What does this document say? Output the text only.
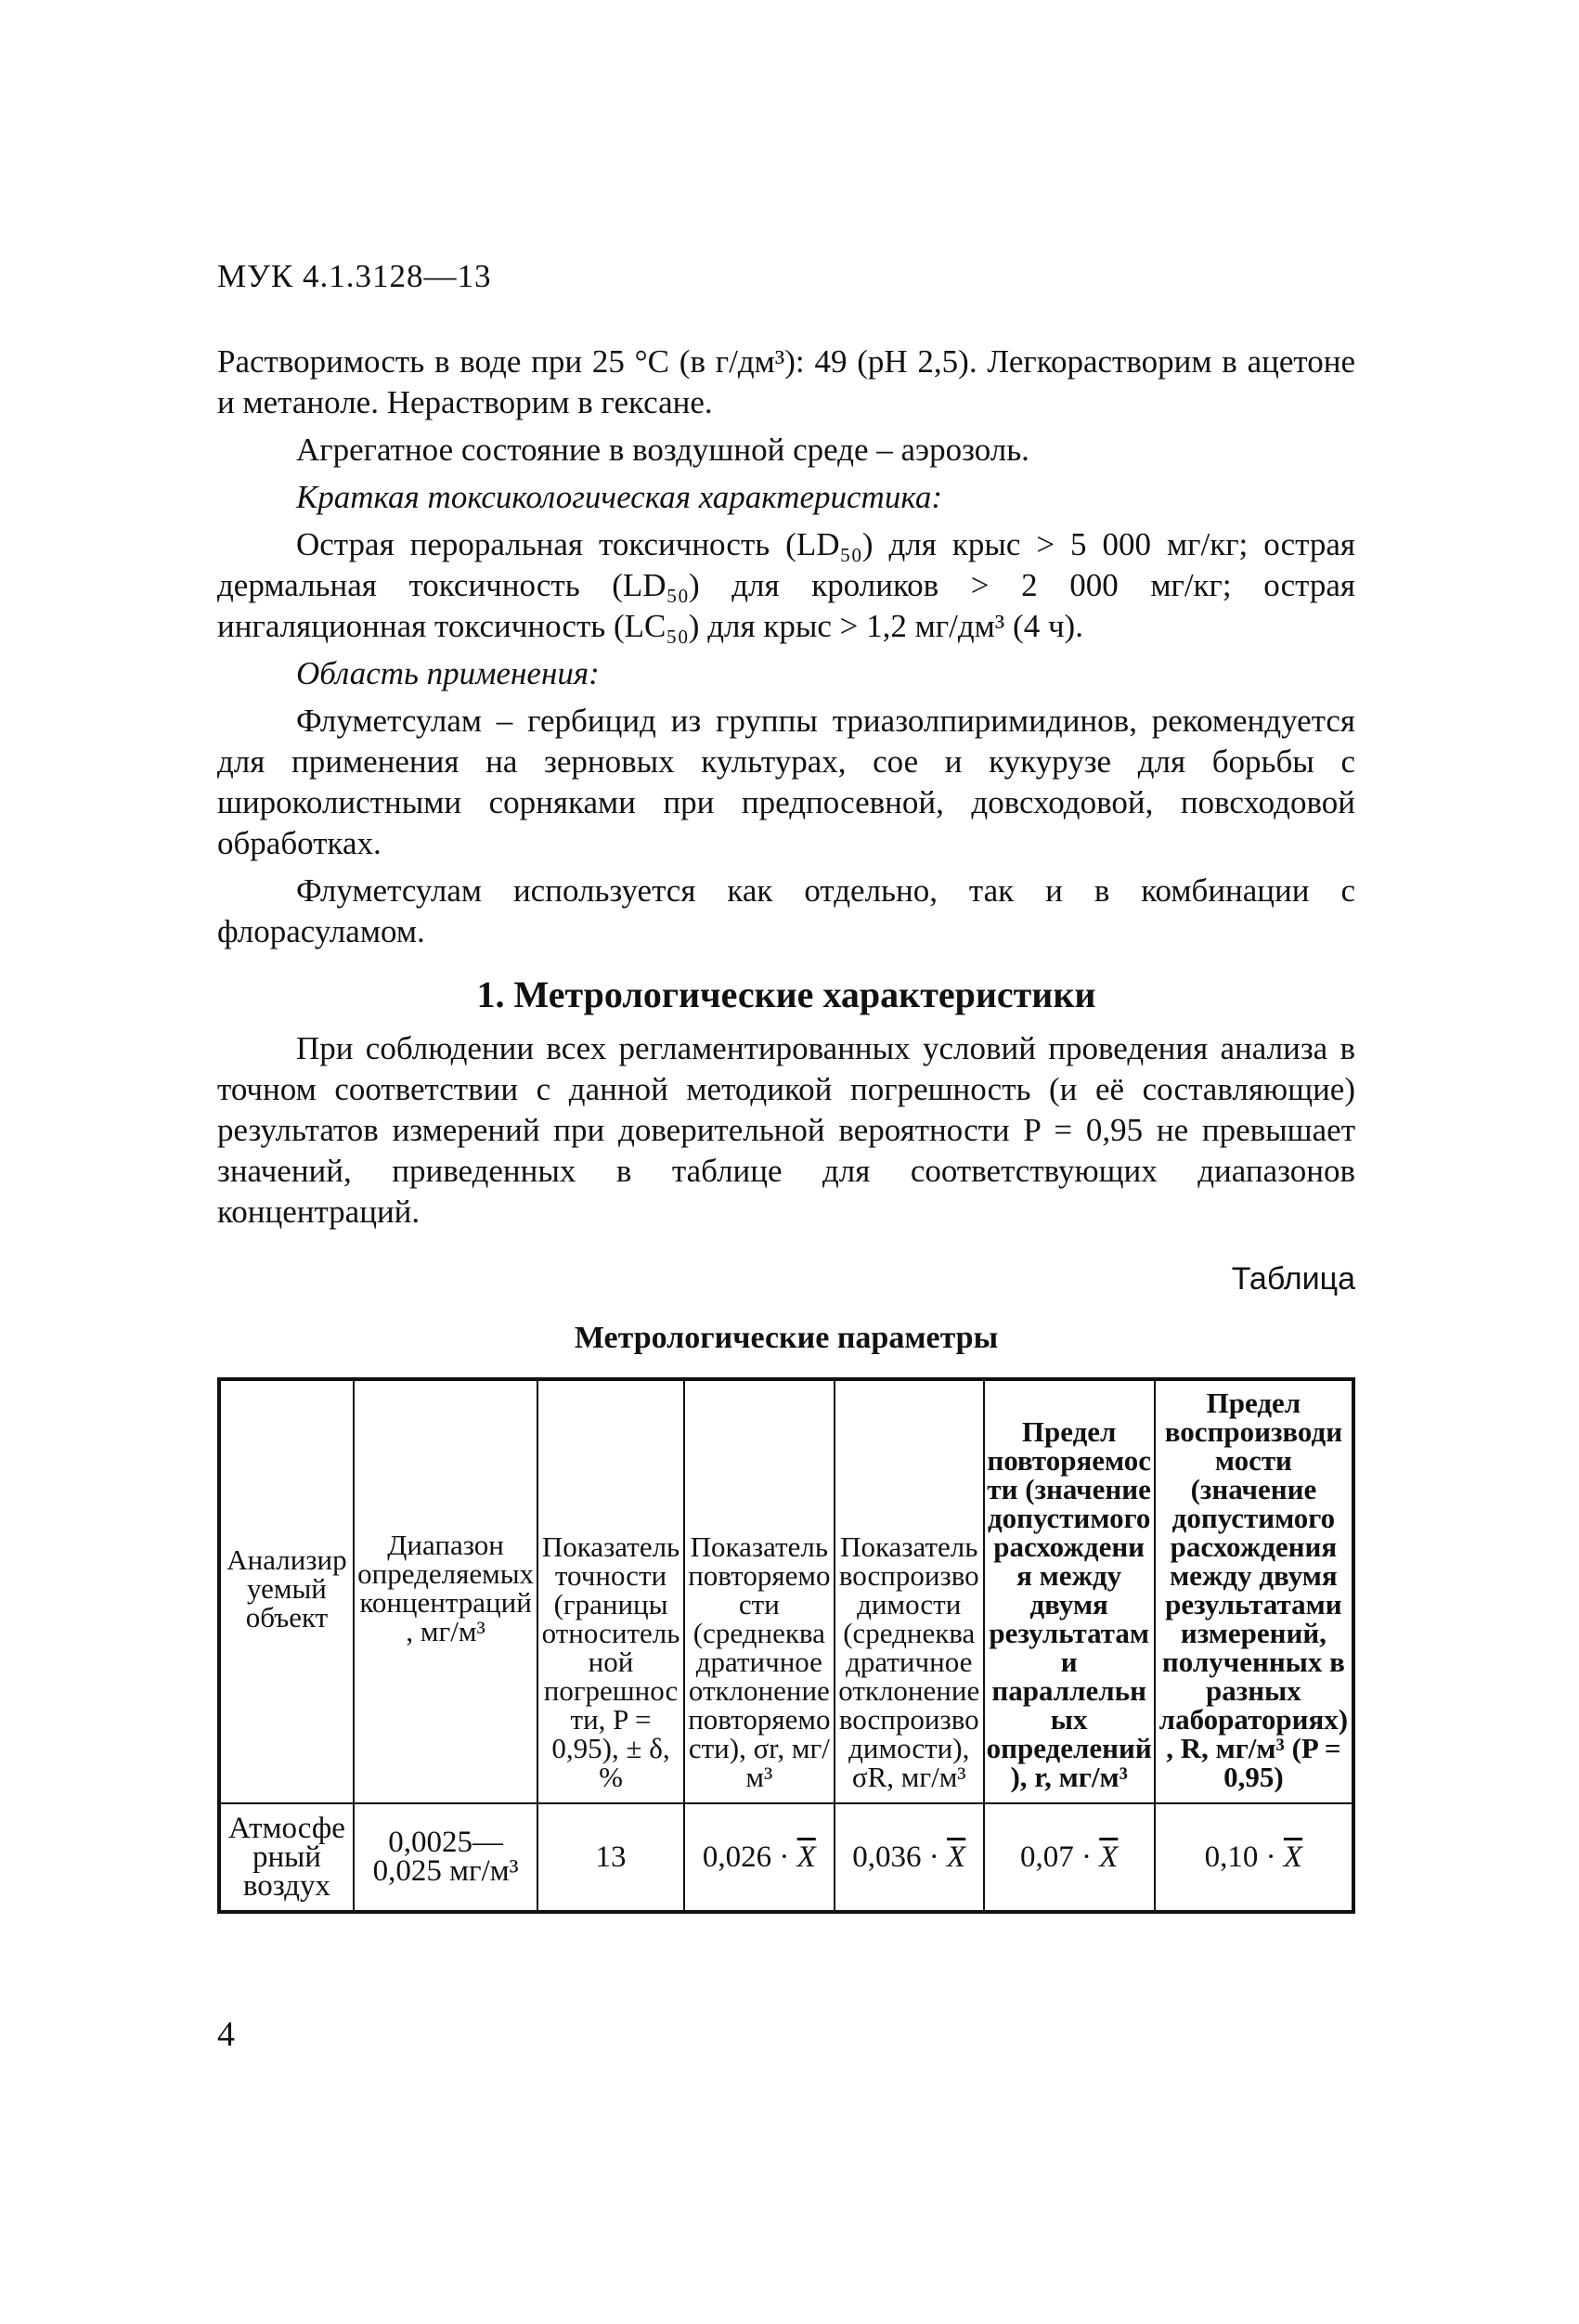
МУК 4.1.3128—13

Растворимость в воде при 25 °С (в г/дм³): 49 (рН 2,5). Легкорастворим в ацетоне и метаноле. Нерастворим в гексане.

Агрегатное состояние в воздушной среде – аэрозоль.

Краткая токсикологическая характеристика:

Острая пероральная токсичность (LD₅₀) для крыс > 5 000 мг/кг; острая дермальная токсичность (LD₅₀) для кроликов > 2 000 мг/кг; острая ингаляционная токсичность (LC₅₀) для крыс > 1,2 мг/дм³ (4 ч).

Область применения:

Флуметсулам – гербицид из группы триазолпиримидинов, рекомендуется для применения на зерновых культурах, сое и кукурузе для борьбы с широколистными сорняками при предпосевной, довсходовой, повсходовой обработках.

Флуметсулам используется как отдельно, так и в комбинации с флорасуламом.

1. Метрологические характеристики

При соблюдении всех регламентированных условий проведения анализа в точном соответствии с данной методикой погрешность (и её составляющие) результатов измерений при доверительной вероятности P = 0,95 не превышает значений, приведенных в таблице для соответствующих диапазонов концентраций.

Таблица
Метрологические параметры
Анализируемый объект	Диапазон определяемых концентраций, мг/м³	Показатель точности (границы относительной погрешности, P = 0,95), ± δ, %	Показатель повторяемости (среднеквадратичное отклонение повторяемости), σr, мг/м³	Показатель воспроизводимости (среднеквадратичное отклонение воспроизводимости), σR, мг/м³	Предел повторяемости (значение допустимого расхождения между двумя результатами параллельных определений), r, мг/м³	Предел воспроизводимости (значение допустимого расхождения между двумя результатами измерений, полученных в разных лабораториях), R, мг/м³ (P = 0,95)
Атмосферный воздух	0,0025—0,025 мг/м³	13	$0,026 \cdot \overline{X}$	$0,036 \cdot \overline{X}$	$0,07 \cdot \overline{X}$	$0,10 \cdot \overline{X}$
4
